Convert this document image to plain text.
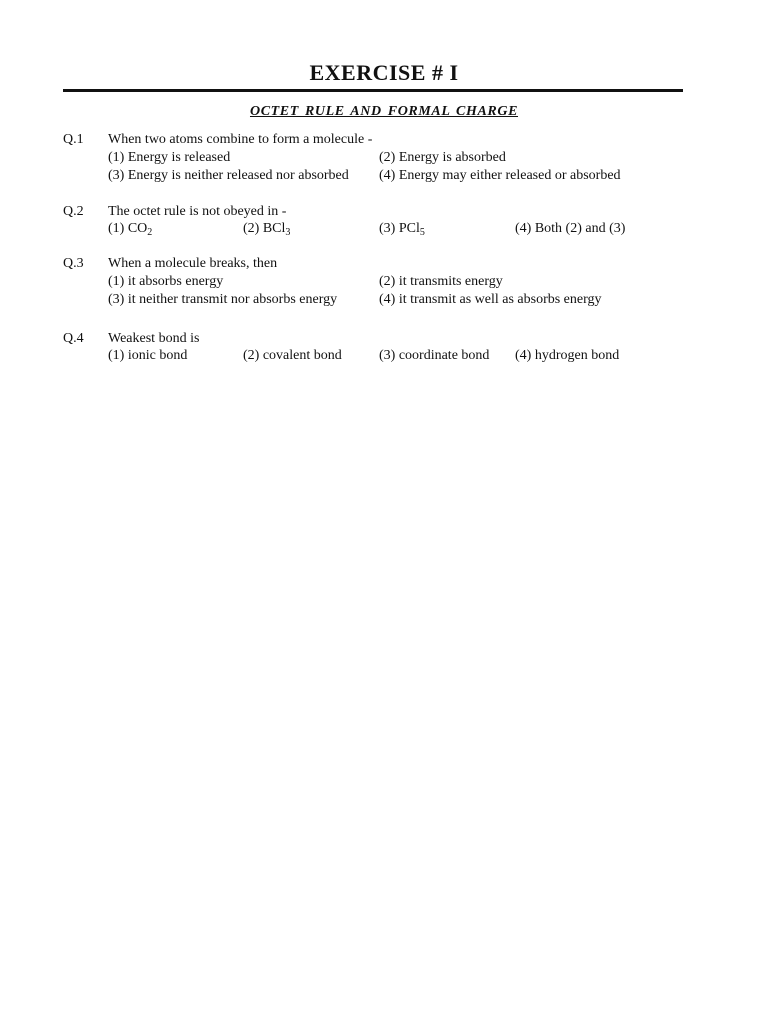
EXERCISE # I
OCTET RULE AND FORMAL CHARGE
Q.1 When two atoms combine to form a molecule -
(1) Energy is released	(2) Energy is absorbed
(3) Energy is neither released nor absorbed (4) Energy may either released or absorbed
Q.2 The octet rule is not obeyed in -
(1) $CO_2$	(2) BCl$_3$	(3) PCl$_5$	(4) Both (2) and (3)
Q.3 When a molecule breaks, then
(1) it absorbs energy	(2) it transmits energy
(3) it neither transmit nor absorbs energy	(4) it transmit as well as absorbs energy
Q.4 Weakest bond is
(1) ionic bond	(2) covalent bond	(3) coordinate bond (4) hydrogen bond
